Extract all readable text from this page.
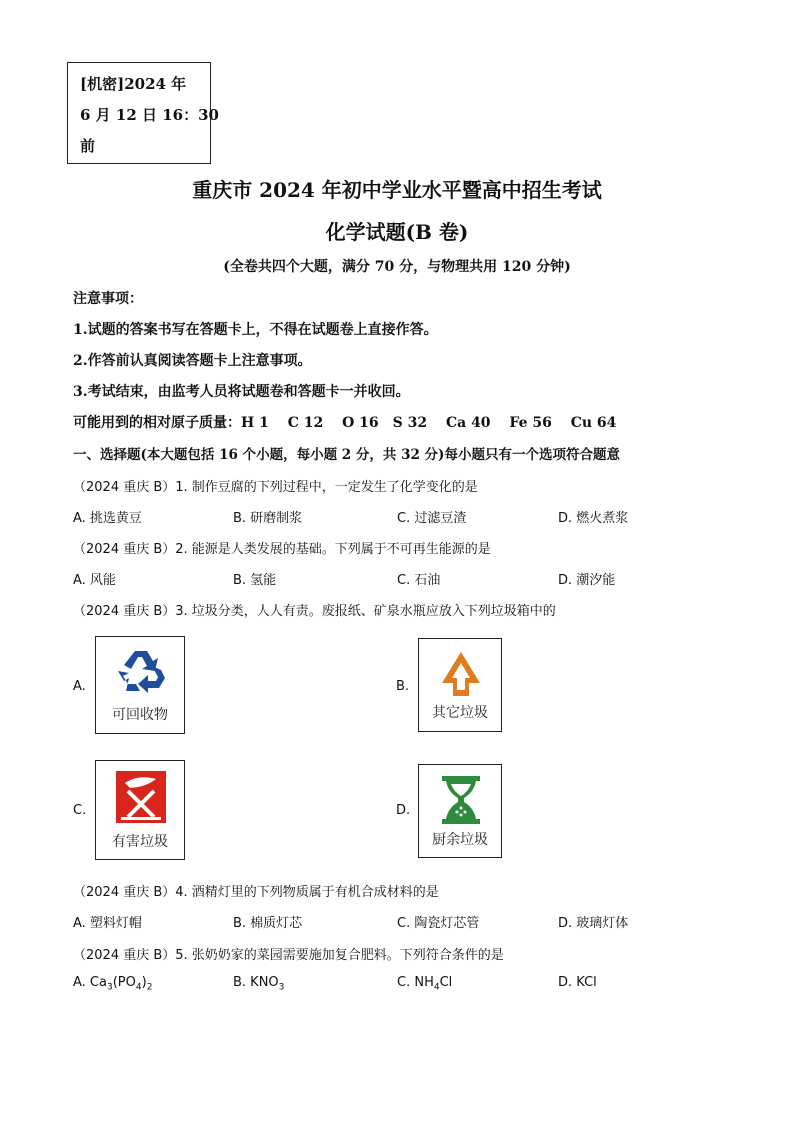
[机密]2024 年
6 月 12 日 16：30
前
重庆市 2024 年初中学业水平暨高中招生考试
化学试题(B 卷)
(全卷共四个大题，满分 70 分，与物理共用 120 分钟)
注意事项：
1.试题的答案书写在答题卡上，不得在试题卷上直接作答。
2.作答前认真阅读答题卡上注意事项。
3.考试结束，由监考人员将试题卷和答题卡一并收回。
可能用到的相对原子质量：H 1　 C 12　 O 16　S 32　 Ca 40　 Fe 56　 Cu 64
一、选择题(本大题包括 16 个小题，每小题 2 分，共 32 分)每小题只有一个选项符合题意
（2024 重庆 B）1. 制作豆腐的下列过程中，一定发生了化学变化的是
A. 挑选黄豆	B. 研磨制浆	C. 过滤豆渣	D. 燃火煮浆
（2024 重庆 B）2. 能源是人类发展的基础。下列属于不可再生能源的是
A. 风能	B. 氢能	C. 石油	D. 潮汐能
（2024 重庆 B）3. 垃圾分类，人人有责。废报纸、矿泉水瓶应放入下列垃圾箱中的
A.
可回收物
B.
其它垃圾
C.
有害垃圾
D.
厨余垃圾
（2024 重庆 B）4. 酒精灯里的下列物质属于有机合成材料的是
A. 塑料灯帽	B. 棉质灯芯	C. 陶瓷灯芯管	D. 玻璃灯体
（2024 重庆 B）5. 张奶奶家的菜园需要施加复合肥料。下列符合条件的是
A. $Ca_3(PO_4)_2$	B. $KNO_3$	C. $NH_4Cl$	D. KCl
